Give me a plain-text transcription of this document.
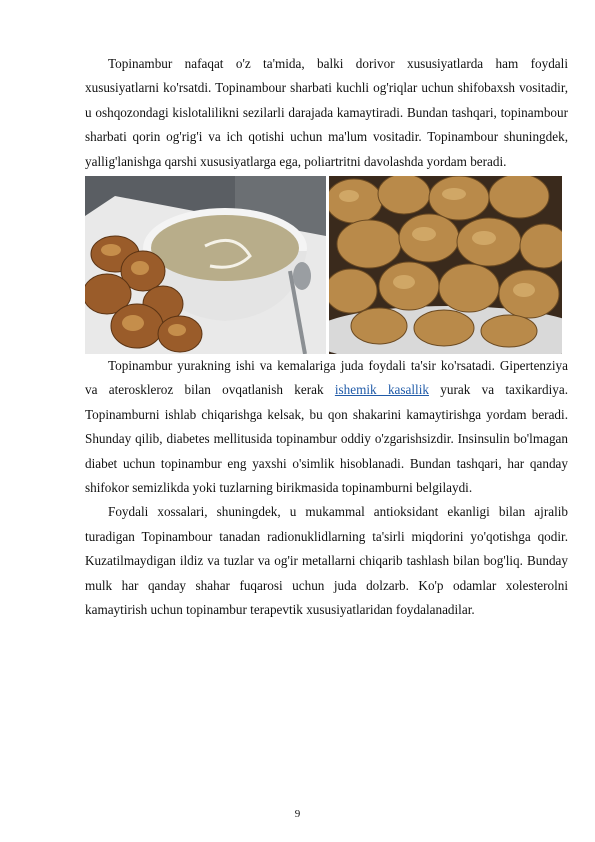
Topinambur nafaqat o'z ta'mida, balki dorivor xususiyatlarda ham foydali xususiyatlarni ko'rsatdi. Topinambour sharbati kuchli og'riqlar uchun shifobaxsh vositadir, u oshqozondagi kislotalilikni sezilarli darajada kamaytiradi. Bundan tashqari, topinambour sharbati qorin og'rig'i va ich qotishi uchun ma'lum vositadir. Topinambour shuningdek, yallig'lanishga qarshi xususiyatlarga ega, poliartritni davolashda yordam beradi.

Topinambur yurakning ishi va kemalariga juda foydali ta'sir ko'rsatadi. Gipertenziya va ateroskleroz bilan ovqatlanish kerak ishemik kasallik yurak va taxikardiya. Topinamburni ishlab chiqarishga kelsak, bu qon shakarini kamaytirishga yordam beradi. Shunday qilib, diabetes mellitusida topinambur oddiy o'zgarishsizdir. Insinsulin bo'lmagan diabet uchun topinambur eng yaxshi o'simlik hisoblanadi. Bundan tashqari, har qanday shifokor semizlikda yoki tuzlarning birikmasida topinamburni belgilaydi.

Foydali xossalari, shuningdek, u mukammal antioksidant ekanligi bilan ajralib turadigan Topinambour tanadan radionuklidlarning ta'sirli miqdorini yo'qotishga qodir. Kuzatilmaydigan ildiz va tuzlar va og'ir metallarni chiqarib tashlash bilan bog'liq. Bunday mulk har qanday shahar fuqarosi uchun juda dolzarb. Ko'p odamlar xolesterolni kamaytirish uchun topinambur terapevtik xususiyatlaridan foydalanadilar.

9
